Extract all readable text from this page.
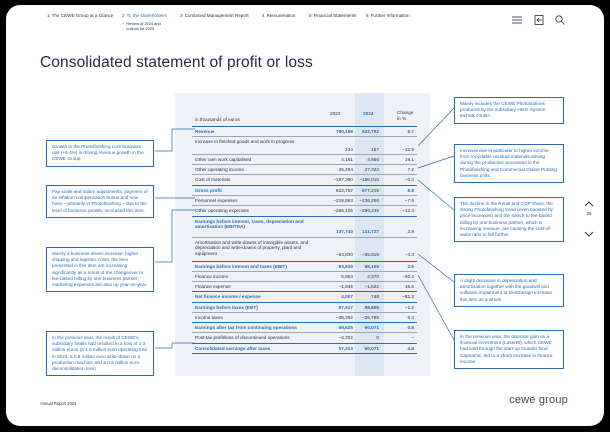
1 The CEWE Group at a Glance 2 To the shareholders	3 Combined Management Report	4 Remuneration	5 Financial Statements 6 Further Information
+ Review of 2024 and outlook for 2025
Consolidated statement of profit or loss
in thousands of euros
2023	2024	Change in %
Revenue	780,198 832,792	6.7
Increase in finished goods and work in progress
234	157	−32.9
Other own work capitalised	4,161	4,956	19.1
Other operating income	25,494 27,323	7.2
Cost of materials	−187,390 −188,010	−0.3
Gross profit	622,707 677,218	8.8
Personnel expenses	−218,863 −236,256	−7.9
Other operating expenses	−266,106 −299,235	−12.4
Earnings before interest, taxes, depreciation and amortisation (EBITDA)
137,740 141,727	2.9
Amortisation and write-downs of intangible assets, and depreciation and write-downs of property, plant and equipment	−53,830 −55,619	−3.3
Earnings before interest and taxes (EBIT)	83,910 86,108	2.6
Finance income	5,953	2,370	−60.2
Finance expense	−1,946 −1,622	16.6
Net finance income / expense	4,007	748	−81.3
Earnings before taxes (EBT)	87,917 86,856	−1.2
Income taxes	−28,392 −26,785	5.4
Earnings after tax from continuing operations	59,625 60,071	0.8
Post-tax profit/loss of discontinued operations	−2,302	0	–
Consolidated earnings after taxes	57,313 60,071	4.8
Growth in the Photofinishing core business unit (+6.4%) is driving revenue growth in the CEWE Group.
Pay scale and salary adjustments, payment of an inflation compensation bonus and new hires – primarily in Photofinishing – due to the level of business growth, increased this item.
Mainly a business-driven increase: higher shipping and logistics costs; the fees presented in this item are increasing significantly as a result of the changeover to fee-based billing by one business partner; marketing expenses are also up year-on-year.
In the previous year, the result of CEWE's subsidiary futalis had resulted in a loss of 2.3 million euros (a 1.0 million euro operating loss in 2023, a 0.8 million euro write-down on a production machine and a 0.5 million euro deconsolidation loss).
Mainly includes the CEWE Photostations produced by the subsidiary Hertz System-technik GmbH.
Increase due in particular to higher income from recyclable residual materials arising during the production processes in the Photofinishing and Commercial Online Printing business units.
The decline in the Retail and COP share, the strong Photofinishing trend (even boosted by price increases) and the switch to fee-based billing by one business partner, which is increasing revenue, are causing the cost-of-sales ratio to fall further.
A slight decrease in depreciation and amortisation together with the goodwill and software impairment at DeinDesign increase this item as a whole.
In the previous year, the disposal gain on a financial investment (LaserBI), which CEWE had sold through the start-up founder fund Capnamic, led to a sharp increase in finance income.
26
Annual Report 2024	cewe group
